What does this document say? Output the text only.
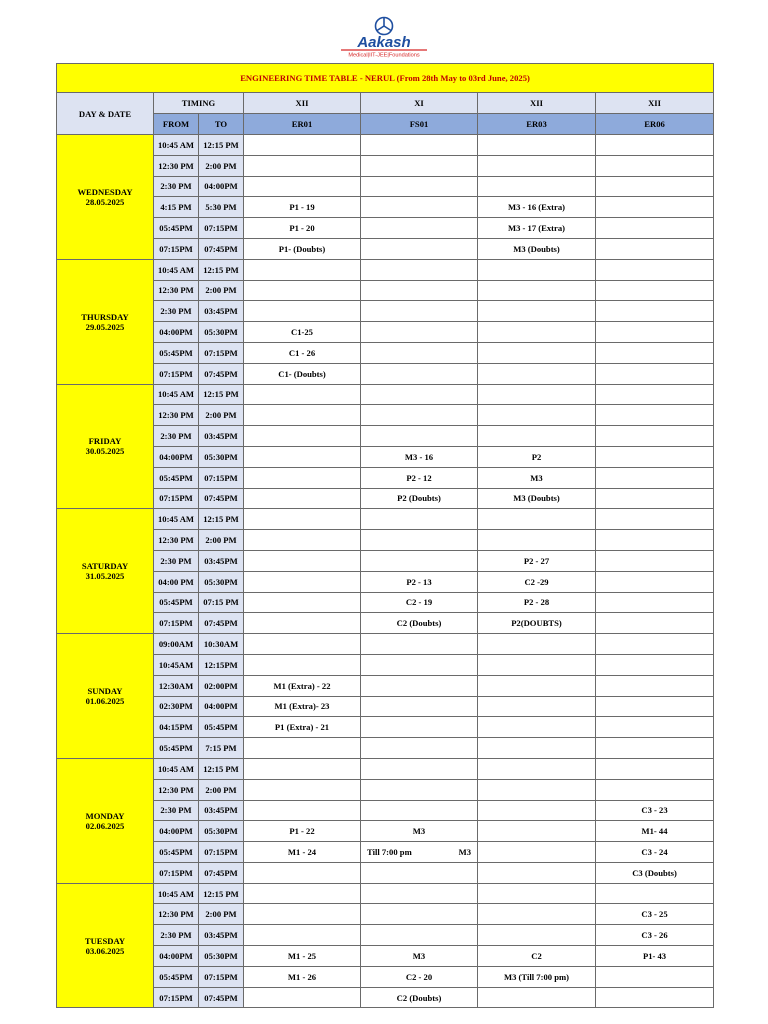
Aakash
Medical|IIT-JEE|Foundations
ENGINEERING TIME TABLE - NERUL (From 28th May to 03rd June, 2025)						
DAY & DATE	TIMING		XII	XI	XII	XII
	FROM	TO	ER01	FS01	ER03	ER06

WEDNESDAY
28.05.2025	10:45 AM	12:15 PM				
	12:30 PM	2:00 PM				
	2:30 PM	04:00PM				
	4:15 PM	5:30 PM	P1 - 19		M3 - 16 (Extra)	
	05:45PM	07:15PM	P1 - 20		M3 - 17 (Extra)	
	07:15PM	07:45PM	P1- (Doubts)		M3 (Doubts)	

THURSDAY
29.05.2025	10:45 AM	12:15 PM				
	12:30 PM	2:00 PM				
	2:30 PM	03:45PM				
	04:00PM	05:30PM	C1-25			
	05:45PM	07:15PM	C1 - 26			
	07:15PM	07:45PM	C1- (Doubts)			

FRIDAY
30.05.2025	10:45 AM	12:15 PM				
	12:30 PM	2:00 PM				
	2:30 PM	03:45PM				
	04:00PM	05:30PM		M3 - 16	P2	
	05:45PM	07:15PM		P2 - 12	M3	
	07:15PM	07:45PM		P2 (Doubts)	M3 (Doubts)	

SATURDAY
31.05.2025	10:45 AM	12:15 PM				
	12:30 PM	2:00 PM				
	2:30 PM	03:45PM			P2 - 27	
	04:00 PM	05:30PM		P2 - 13	C2 -29	
	05:45PM	07:15 PM		C2 - 19	P2 - 28	
	07:15PM	07:45PM		C2 (Doubts)	P2(DOUBTS)	

SUNDAY
01.06.2025	09:00AM	10:30AM				
	10:45AM	12:15PM				
	12:30AM	02:00PM	M1 (Extra) - 22			
	02:30PM	04:00PM	M1 (Extra)- 23			
	04:15PM	05:45PM	P1 (Extra) - 21			
	05:45PM	7:15 PM				

MONDAY
02.06.2025	10:45 AM	12:15 PM				
	12:30 PM	2:00 PM				
	2:30 PM	03:45PM				C3 - 23
	04:00PM	05:30PM	P1 - 22	M3		M1- 44
	05:45PM	07:15PM	M1 - 24	Till 7:00 pm M3		C3 - 24
	07:15PM	07:45PM				C3 (Doubts)

TUESDAY
03.06.2025	10:45 AM	12:15 PM				
	12:30 PM	2:00 PM				C3 - 25
	2:30 PM	03:45PM				C3 - 26
	04:00PM	05:30PM	M1 - 25	M3	C2	P1- 43
	05:45PM	07:15PM	M1 - 26	C2 - 20	M3 (Till 7:00 pm)	
	07:15PM	07:45PM		C2 (Doubts)		
